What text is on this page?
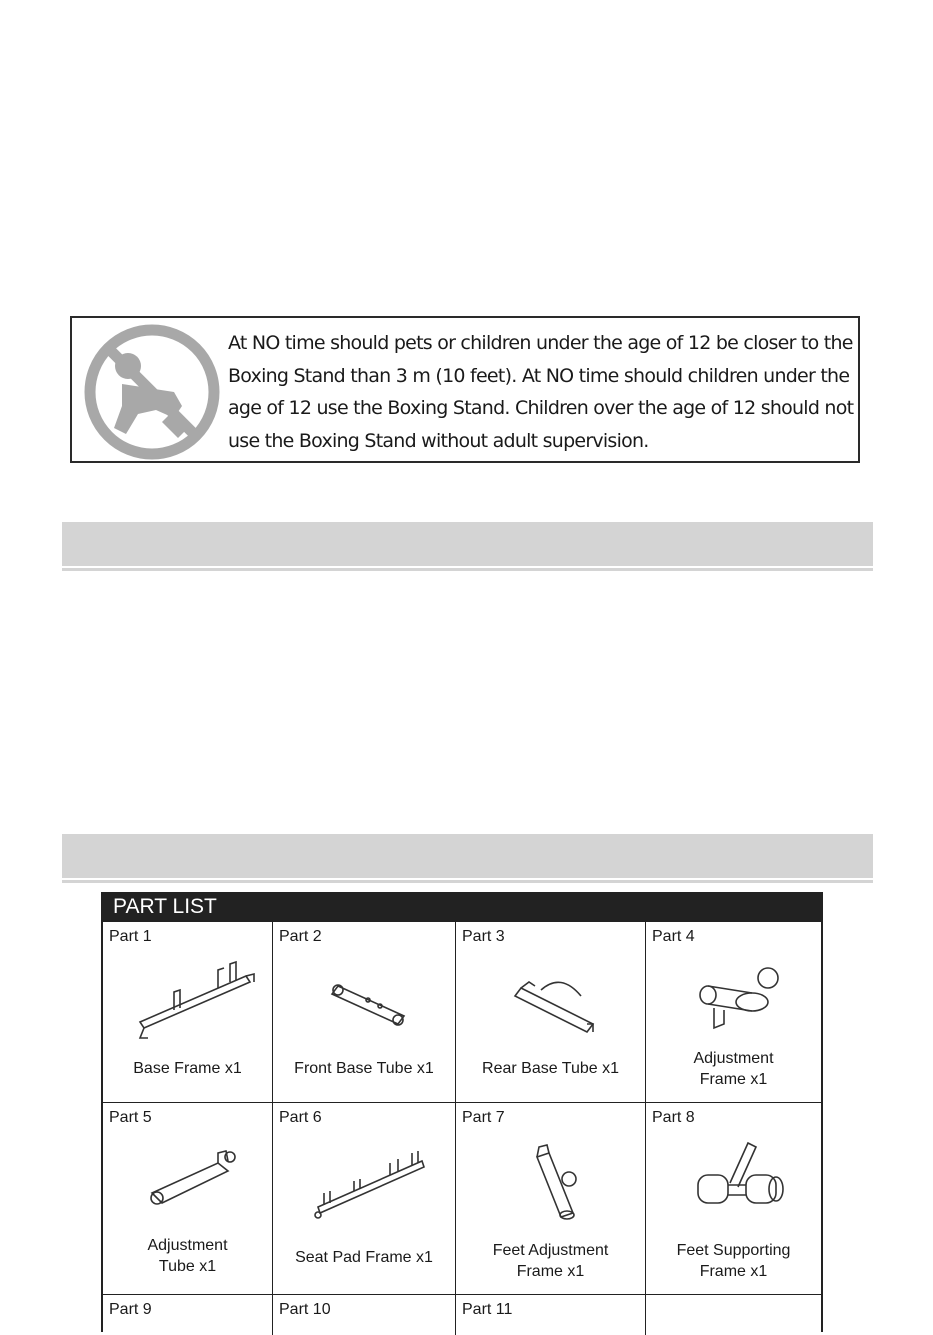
At NO time should pets or children under the age of 12 be closer to the Boxing Stand than 3 m (10 feet). At NO time should children under the age of 12 use the Boxing Stand. Children over the age of 12 should not use the Boxing Stand without adult supervision.
PART LIST
Part 1
Base Frame x1
Part 2
Front Base Tube x1
Part 3
Rear Base Tube x1
Part 4
Adjustment
Frame x1
Part 5
Adjustment
Tube x1
Part 6
Seat Pad Frame x1
Part 7
Feet Adjustment
Frame x1
Part 8
Feet Supporting
Frame x1
Part 9	Part 10	Part 11
